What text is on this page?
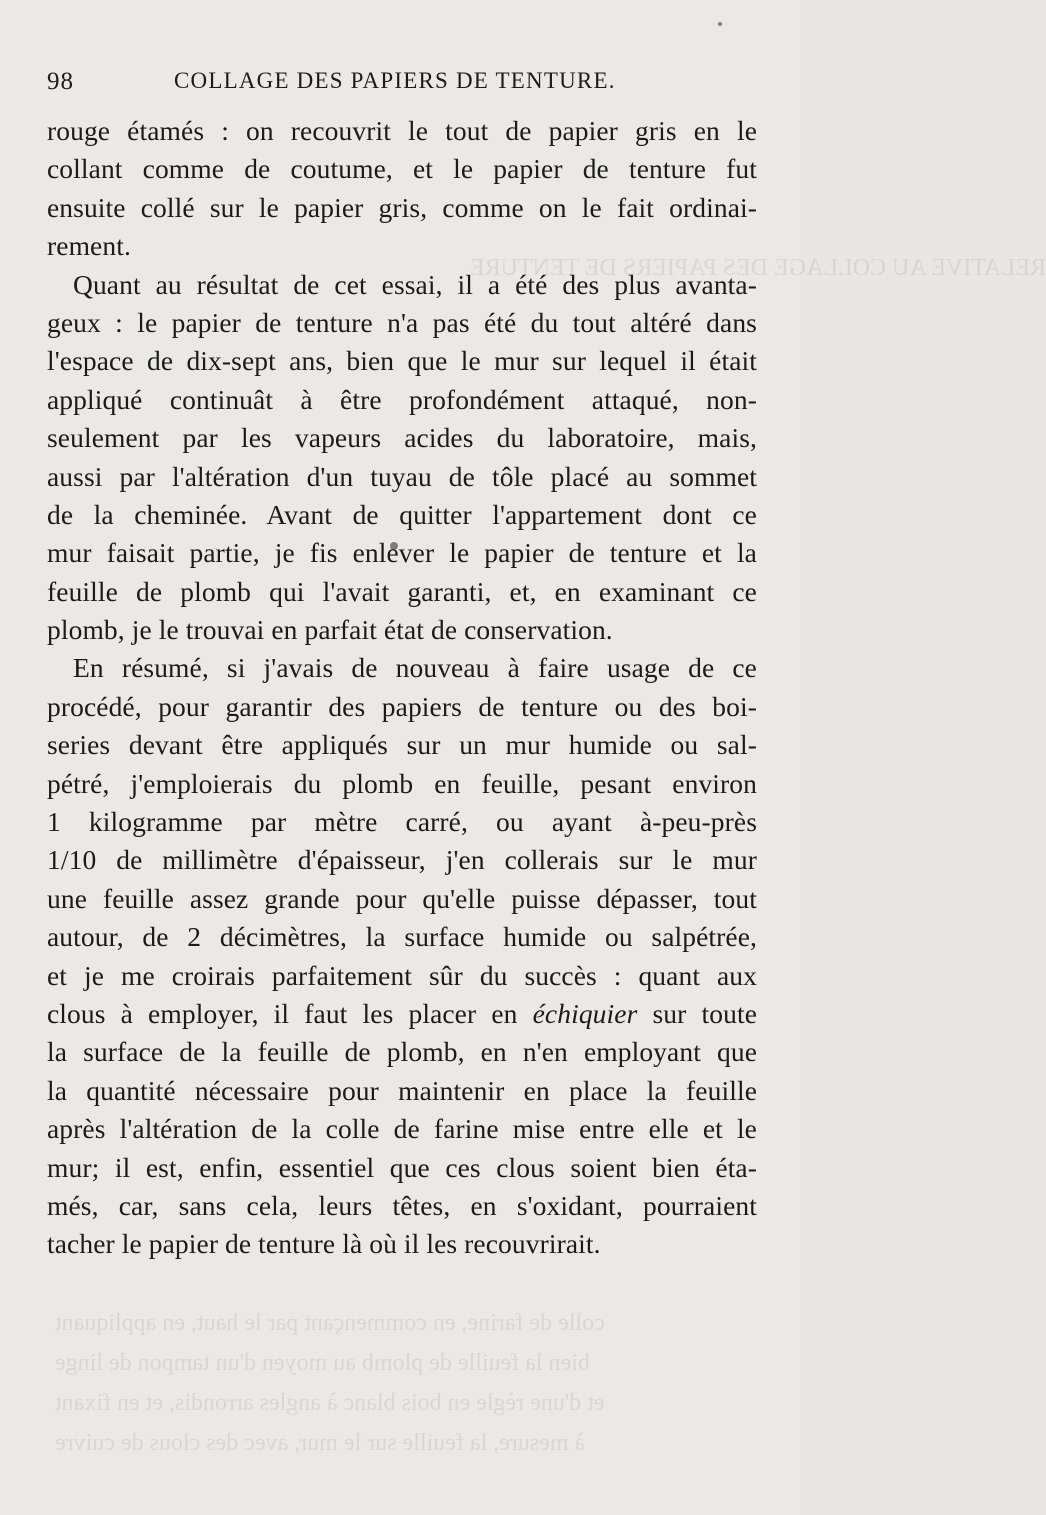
RELATIVE AU COLLAGE DES PAPIERS DE TENTURE
colle de farine, en commençant par le haut, en appliquant
bien la feuille de plomb au moyen d'un tampon de linge
et d'une règle en bois blanc à angles arrondis, et en fixant
à mesure, la feuille sur le mur, avec des clous de cuivre
98	COLLAGE DES PAPIERS DE TENTURE.
rouge étamés : on recouvrit le tout de papier gris en le
collant comme de coutume, et le papier de tenture fut
ensuite collé sur le papier gris, comme on le fait ordinai-
rement.
Quant au résultat de cet essai, il a été des plus avanta-
geux : le papier de tenture n'a pas été du tout altéré dans
l'espace de dix-sept ans, bien que le mur sur lequel il était
appliqué continuât à être profondément attaqué, non-
seulement par les vapeurs acides du laboratoire, mais,
aussi par l'altération d'un tuyau de tôle placé au sommet
de la cheminée. Avant de quitter l'appartement dont ce
mur faisait partie, je fis enlever le papier de tenture et la
feuille de plomb qui l'avait garanti, et, en examinant ce
plomb, je le trouvai en parfait état de conservation.
En résumé, si j'avais de nouveau à faire usage de ce
procédé, pour garantir des papiers de tenture ou des boi-
series devant être appliqués sur un mur humide ou sal-
pétré, j'emploierais du plomb en feuille, pesant environ
1 kilogramme par mètre carré, ou ayant à-peu-près
1/10 de millimètre d'épaisseur, j'en collerais sur le mur
une feuille assez grande pour qu'elle puisse dépasser, tout
autour, de 2 décimètres, la surface humide ou salpétrée,
et je me croirais parfaitement sûr du succès : quant aux
clous à employer, il faut les placer en échiquier sur toute
la surface de la feuille de plomb, en n'en employant que
la quantité nécessaire pour maintenir en place la feuille
après l'altération de la colle de farine mise entre elle et le
mur; il est, enfin, essentiel que ces clous soient bien éta-
més, car, sans cela, leurs têtes, en s'oxidant, pourraient
tacher le papier de tenture là où il les recouvrirait.
